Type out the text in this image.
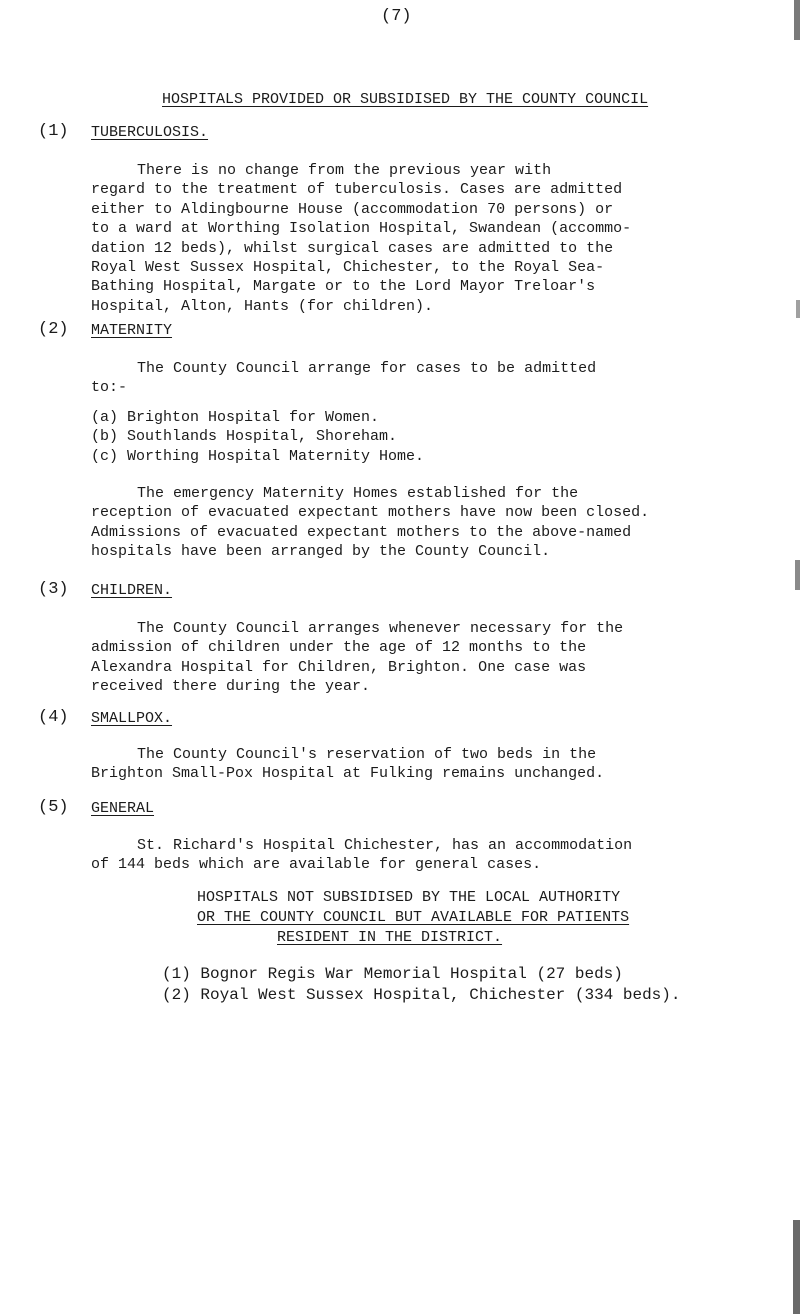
(7)
HOSPITALS PROVIDED OR SUBSIDISED BY THE COUNTY COUNCIL
(1) TUBERCULOSIS.
There is no change from the previous year with
regard to the treatment of tuberculosis. Cases are admitted
either to Aldingbourne House (accommodation 70 persons) or
to a ward at Worthing Isolation Hospital, Swandean (accommo-
dation 12 beds), whilst surgical cases are admitted to the
Royal West Sussex Hospital, Chichester, to the Royal Sea-
Bathing Hospital, Margate or to the Lord Mayor Treloar's
Hospital, Alton, Hants (for children).
(2) MATERNITY
The County Council arrange for cases to be admitted
to:-
(a) Brighton Hospital for Women.
(b) Southlands Hospital, Shoreham.
(c) Worthing Hospital Maternity Home.
The emergency Maternity Homes established for the
reception of evacuated expectant mothers have now been closed.
Admissions of evacuated expectant mothers to the above-named
hospitals have been arranged by the County Council.
(3) CHILDREN.
The County Council arranges whenever necessary for the
admission of children under the age of 12 months to the
Alexandra Hospital for Children, Brighton. One case was
received there during the year.
(4) SMALLPOX.
The County Council's reservation of two beds in the
Brighton Small-Pox Hospital at Fulking remains unchanged.
(5) GENERAL
St. Richard's Hospital Chichester, has an accommodation
of 144 beds which are available for general cases.
HOSPITALS NOT SUBSIDISED BY THE LOCAL AUTHORITY
OR THE COUNTY COUNCIL BUT AVAILABLE FOR PATIENTS
RESIDENT IN THE DISTRICT.
(1) Bognor Regis War Memorial Hospital (27 beds)
(2) Royal West Sussex Hospital, Chichester (334 beds).
